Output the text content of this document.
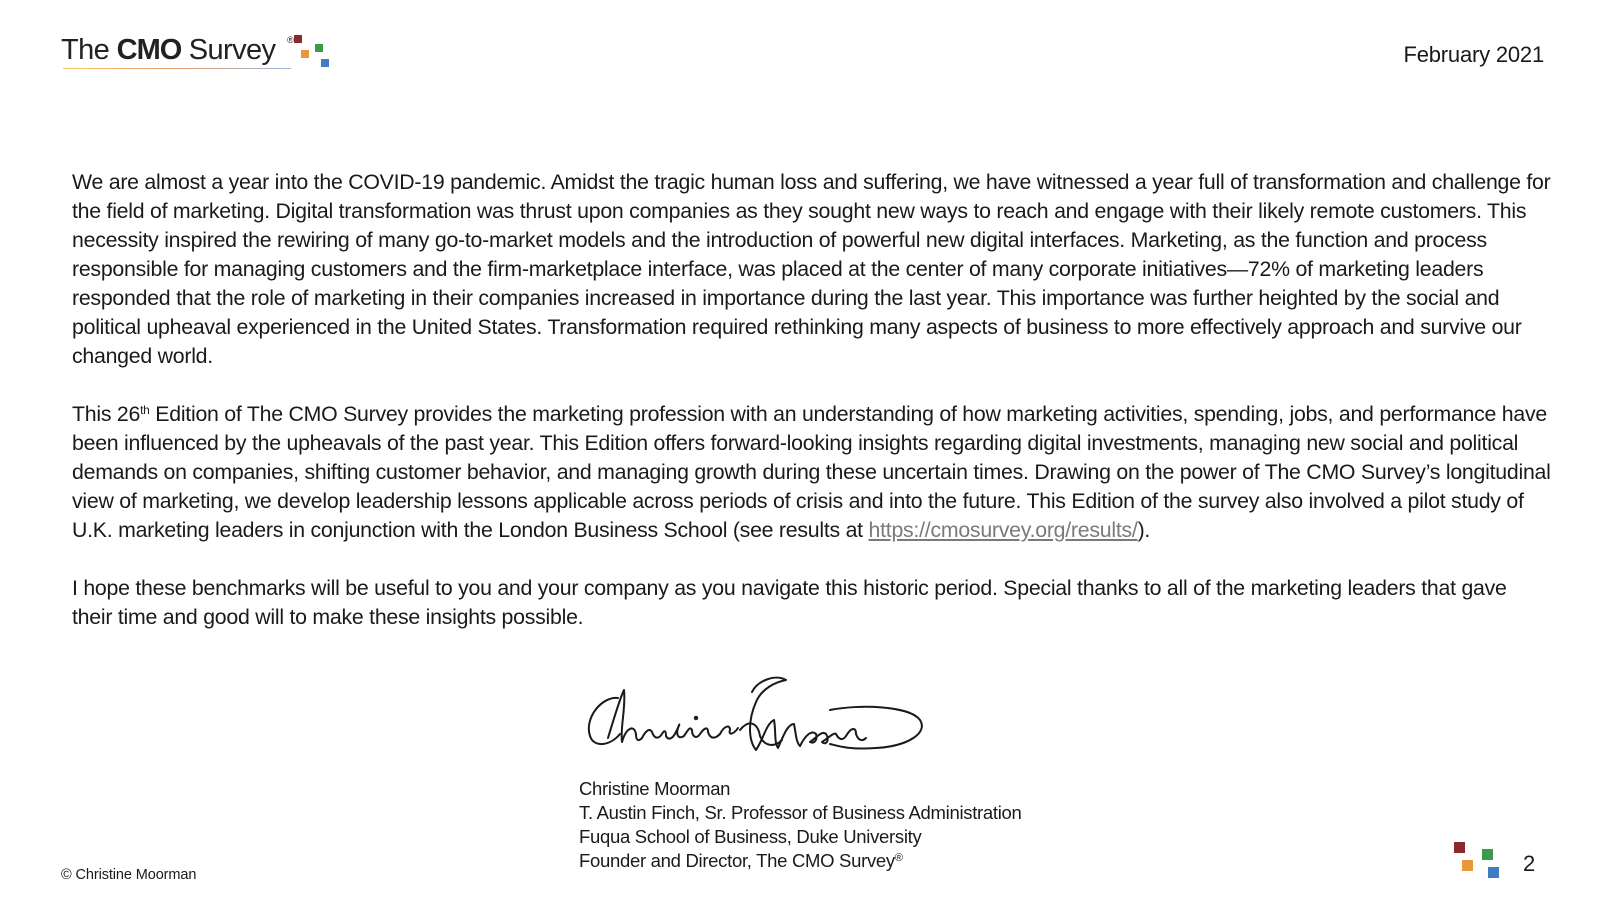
The CMO Survey ®
February 2021

We are almost a year into the COVID-19 pandemic. Amidst the tragic human loss and suffering, we have witnessed a year full of transformation and challenge for the field of marketing. Digital transformation was thrust upon companies as they sought new ways to reach and engage with their likely remote customers. This necessity inspired the rewiring of many go-to-market models and the introduction of powerful new digital interfaces. Marketing, as the function and process responsible for managing customers and the firm-marketplace interface, was placed at the center of many corporate initiatives—72% of marketing leaders responded that the role of marketing in their companies increased in importance during the last year. This importance was further heighted by the social and political upheaval experienced in the United States. Transformation required rethinking many aspects of business to more effectively approach and survive our changed world.

This 26th Edition of The CMO Survey provides the marketing profession with an understanding of how marketing activities, spending, jobs, and performance have been influenced by the upheavals of the past year. This Edition offers forward-looking insights regarding digital investments, managing new social and political demands on companies, shifting customer behavior, and managing growth during these uncertain times. Drawing on the power of The CMO Survey’s longitudinal view of marketing, we develop leadership lessons applicable across periods of crisis and into the future. This Edition of the survey also involved a pilot study of U.K. marketing leaders in conjunction with the London Business School (see results at https://cmosurvey.org/results/).

I hope these benchmarks will be useful to you and your company as you navigate this historic period. Special thanks to all of the marketing leaders that gave their time and good will to make these insights possible.

Christine Moorman
T. Austin Finch, Sr. Professor of Business Administration
Fuqua School of Business, Duke University
Founder and Director, The CMO Survey®
© Christine Moorman	2
